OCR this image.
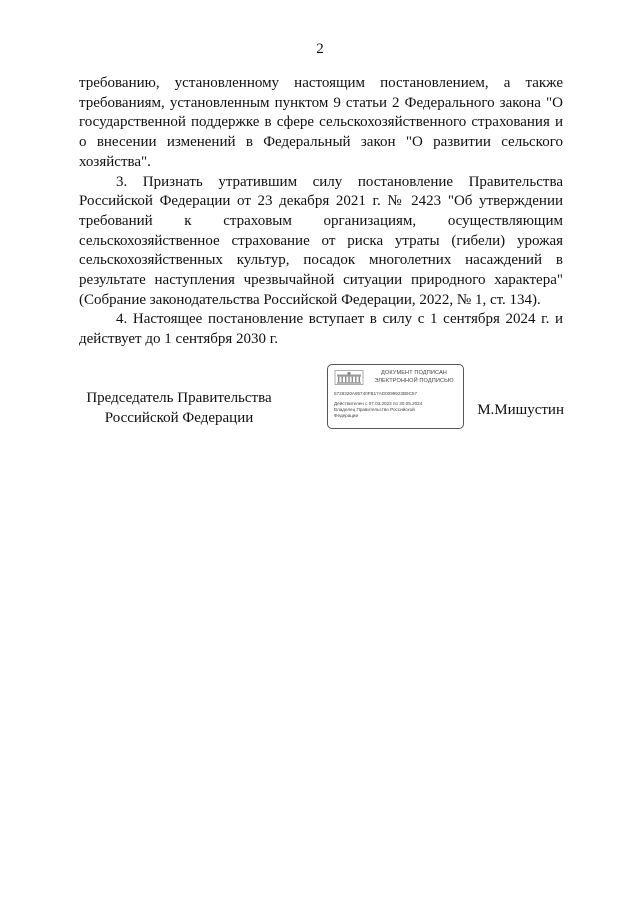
2

требованию, установленному настоящим постановлением, а также требованиям, установленным пунктом 9 статьи 2 Федерального закона "О государственной поддержке в сфере сельскохозяйственного страхования и о внесении изменений в Федеральный закон "О развитии сельского хозяйства".

3. Признать утратившим силу постановление Правительства Российской Федерации от 23 декабря 2021 г. № 2423 "Об утверждении требований к страховым организациям, осуществляющим сельскохозяйственное страхование от риска утраты (гибели) урожая сельскохозяйственных культур, посадок многолетних насаждений в результате наступления чрезвычайной ситуации природного характера" (Собрание законодательства Российской Федерации, 2022, № 1, ст. 134).

4. Настоящее постановление вступает в силу с 1 сентября 2024 г. и действует до 1 сентября 2030 г.

Председатель Правительства
Российской Федерации
ДОКУМЕНТ ПОДПИСАН
ЭЛЕКТРОННОЙ ПОДПИСЬЮ
5728320A95740FB17AD0099923B9C57
Действителен с 07.03.2023 по 30.05.2024
Владелец Правительство Российской
Федерации	М.Мишустин
